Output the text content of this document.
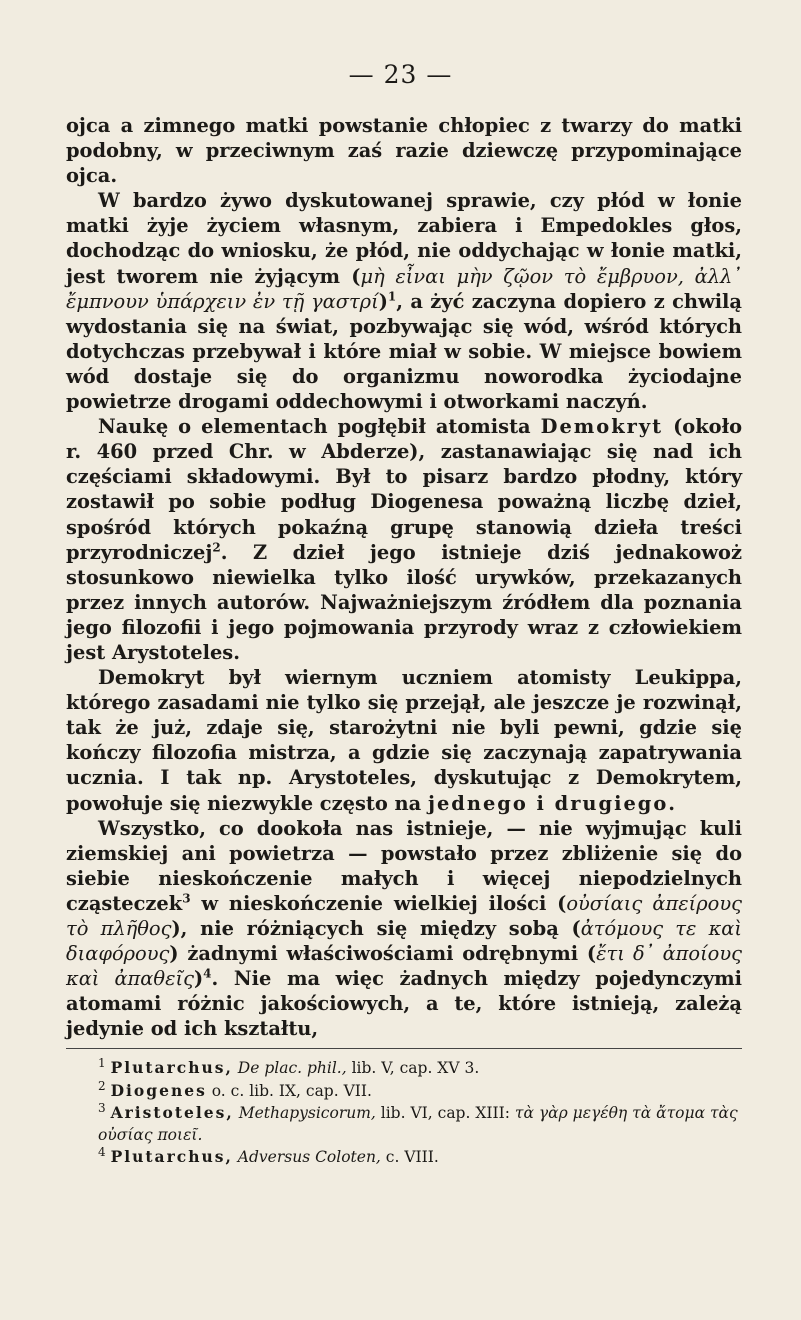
— 23 —

ojca a zimnego matki powstanie chłopiec z twarzy do matki podobny, w przeciwnym zaś razie dziewczę przypominające ojca.

W bardzo żywo dyskutowanej sprawie, czy płód w łonie matki żyje życiem własnym, zabiera i Empedokles głos, dochodząc do wniosku, że płód, nie oddychając w łonie matki, jest tworem nie żyjącym (μὴ εἶναι μὴν ζῷον τὸ ἔμβρυον, ἀλλ᾽ ἔμπνουν ὑπάρχειν ἐν τῇ γαστρί)$^1$, a żyć zaczyna dopiero z chwilą wydostania się na świat, pozbywając się wód, wśród których dotychczas przebywał i które miał w sobie. W miejsce bowiem wód dostaje się do organizmu noworodka życiodajne powietrze drogami oddechowymi i otworkami naczyń.

Naukę o elementach pogłębił atomista Demokryt (około r. 460 przed Chr. w Abderze), zastanawiając się nad ich częściami składowymi. Był to pisarz bardzo płodny, który zostawił po sobie podług Diogenesa poważną liczbę dzieł, spośród których pokaźną grupę stanowią dzieła treści przyrodniczej$^2$. Z dzieł jego istnieje dziś jednakowoż stosunkowo niewielka tylko ilość urywków, przekazanych przez innych autorów. Najważniejszym źródłem dla poznania jego filozofii i jego pojmowania przyrody wraz z człowiekiem jest Arystoteles.

Demokryt był wiernym uczniem atomisty Leukippa, którego zasadami nie tylko się przejął, ale jeszcze je rozwinął, tak że już, zdaje się, starożytni nie byli pewni, gdzie się kończy filozofia mistrza, a gdzie się zaczynają zapatrywania ucznia. I tak np. Arystoteles, dyskutując z Demokrytem, powołuje się niezwykle często na jednego i drugiego.

Wszystko, co dookoła nas istnieje, — nie wyjmując kuli ziemskiej ani powietrza — powstało przez zbliżenie się do siebie nieskończenie małych i więcej niepodzielnych cząsteczek$^3$ w nieskończenie wielkiej ilości (οὐσίαις ἀπείρους τὸ πλῆθος), nie różniących się między sobą (ἀτόμους τε καὶ διαφόρους) żadnymi właściwościami odrębnymi (ἔτι δ᾽ ἀποίους καὶ ἀπαθεῖς)$^4$. Nie ma więc żadnych między pojedynczymi atomami różnic jakościowych, a te, które istnieją, zależą jedynie od ich kształtu,

$^1$ Plutarchus, De plac. phil., lib. V, cap. XV 3.
$^2$ Diogenes o. c. lib. IX, cap. VII.
$^3$ Aristoteles, Methapysicorum, lib. VI, cap. XIII: τὰ γὰρ μεγέθη τὰ ἄτομα τὰς οὐσίας ποιεῖ.
$^4$ Plutarchus, Adversus Coloten, c. VIII.
